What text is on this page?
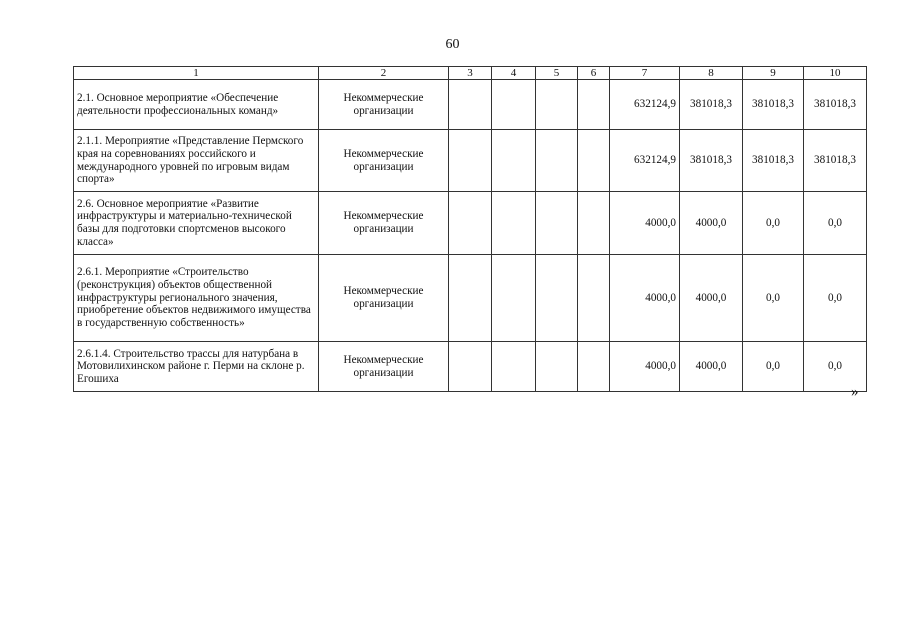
60
1	2	3	4	5	6	7	8	9	10
2.1. Основное мероприятие «Обеспечение деятельности профессиональных команд»	Некоммерческие организации					632124,9	381018,3	381018,3	381018,3
2.1.1. Мероприятие «Представление Пермского края на соревнованиях российского и международного уровней по игровым видам спорта»	Некоммерческие организации					632124,9	381018,3	381018,3	381018,3
2.6. Основное мероприятие «Развитие инфраструктуры и материально-технической базы для подготовки спортсменов высокого класса»	Некоммерческие организации					4000,0	4000,0	0,0	0,0
2.6.1. Мероприятие «Строительство (реконструкция) объектов общественной инфраструктуры регионального значения, приобретение объектов недвижимого имущества в государственную собственность»	Некоммерческие организации					4000,0	4000,0	0,0	0,0
2.6.1.4. Строительство трассы для натурбана в Мотовилихинском районе г. Перми на склоне р. Егошиха	Некоммерческие организации					4000,0	4000,0	0,0	0,0
»
